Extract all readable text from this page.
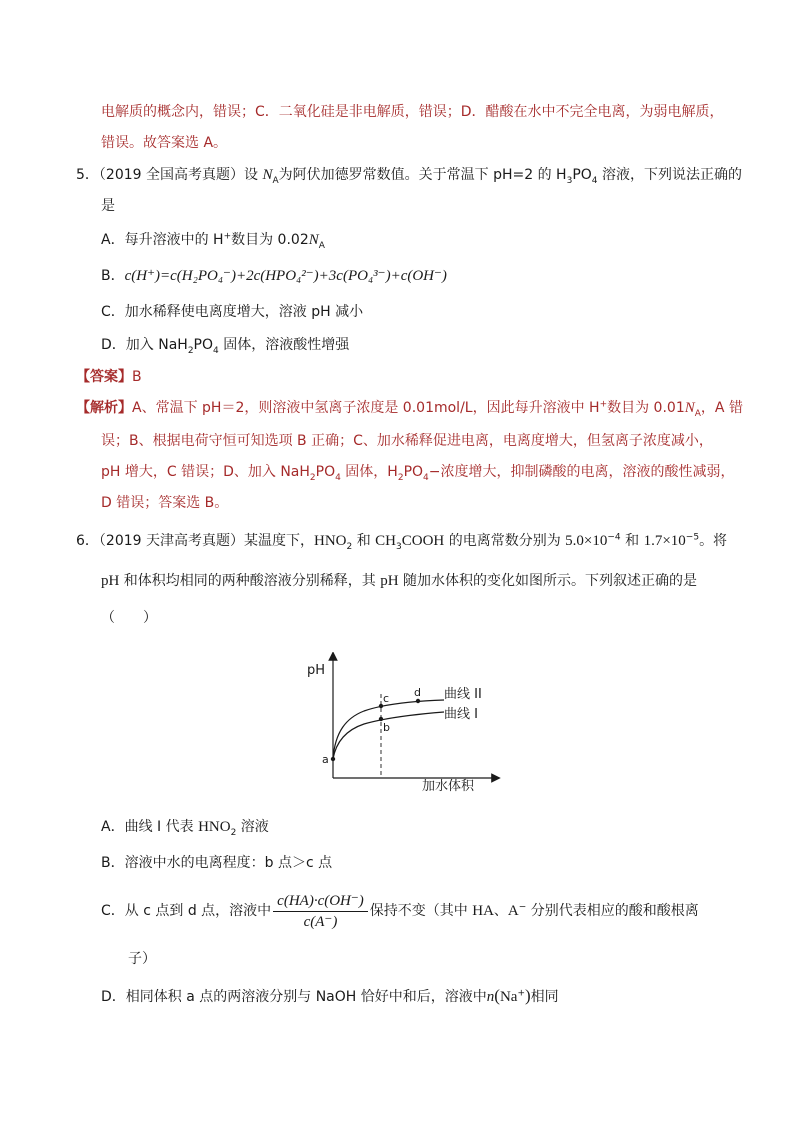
电解质的概念内，错误；C．二氧化硅是非电解质，错误；D．醋酸在水中不完全电离，为弱电解质，
错误。故答案选 A。
5．（2019 全国高考真题）设 $N_A$为阿伏加德罗常数值。关于常温下 pH=2 的 $H_3PO_4$ 溶液，下列说法正确的
是
A．每升溶液中的 H+数目为 $0.02N_A$
B．c(H⁺)=c(H₂PO₄⁻)+2c(HPO₄²⁻)+3c(PO₄³⁻)+c(OH⁻)
C．加水稀释使电离度增大，溶液 pH 减小
D．加入 $NaH_2PO_4$ 固体，溶液酸性增强
【答案】B
【解析】A、常温下 pH＝2，则溶液中氢离子浓度是 0.01mol/L，因此每升溶液中 H+数目为 $0.01N_A$，A 错
误；B、根据电荷守恒可知选项 B 正确；C、加水稀释促进电离，电离度增大，但氢离子浓度减小，
pH 增大，C 错误；D、加入 $NaH_2PO_4$ 固体，$H_2PO_4-$浓度增大，抑制磷酸的电离，溶液的酸性减弱，
D 错误；答案选 B。
6．（2019 天津高考真题）某温度下，$HNO_2$ 和 $CH_3COOH$ 的电离常数分别为 $5.0\times 10^{-4}$ 和 $1.7\times 10^{-5}$。将
pH 和体积均相同的两种酸溶液分别稀释，其 pH 随加水体积的变化如图所示。下列叙述正确的是
（　　）
pH
加水体积
曲线 II
曲线 I
a
b
c d
A．曲线 I 代表 $HNO_2$ 溶液
B．溶液中水的电离程度：b 点＞c 点
C．从 c 点到 d 点，溶液中 $\frac{c(HA)\cdot c(OH^-)}{c(A^-)}$ 保持不变（其中 HA、A− 分别代表相应的酸和酸根离
子）
D．相同体积 a 点的两溶液分别与 NaOH 恰好中和后，溶液中n(Na+)相同
